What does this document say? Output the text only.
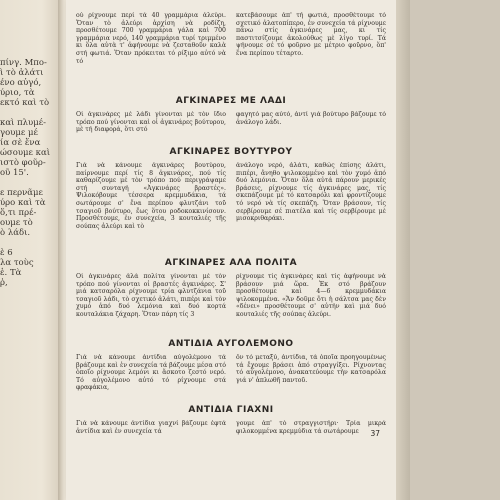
πίνγ. Μπο-
ὶ τὸ ἀλάτι
ένο αὐγό,
ύριο, τὰ
εκτό καὶ τὸ
καὶ πλυμέ-
γουμε μέ
ία σὲ ἕνα
ώσουμε καὶ
ιστὸ φοῦρ-
οῦ 15'.
ε περνᾶμε
ύρο καὶ τὰ
ὅ,τι πρέ-
ουμε τὸ
ὸ λάδι.
ὲ 6
λα τοὺς
ἑ. Τὰ
ῥ,

ού ρίχνουμε περί τά 40 γραμμάρια ἀλεύρι. Ὅταν τὸ ἀλεύρι ἀρχίση νὰ ροδίζη, προσθέτουμε 700 γραμμάρια γάλα καὶ 700 γραμμάρια νερό, 140 γραμμάρια τυρί τριμμένο κι ὅλα αὐτὰ τ' ἀφήνουμε νὰ ζεσταθοῦν καλὰ στή φωτιά. Ὅταν πρόκειται τό ρίξιμο αὐτό νὰ τό

κατεβάσουμε ἀπ' τή φωτιά, προσθέτουμε τό σχετικό ἀλατοπίπερο, ἐν συνεχεία τά ρίχνουμε πάνω στίς ἀγκινάρες μας, κι τίς παστιτσίζουμε ἀκολούθως μὲ λίγο τυρί. Τά ψήνουμε σέ τό φοῦρνο με μέτριο φοῦρνο, ὅπ' ἕνα περίπου τέταρτο.

ΑΓΚΙΝΑΡΕΣ ΜΕ ΛΑΔΙ

Οἱ ἀγκινάρες μὲ λάδι γίνονται μέ τὸν ἴδιο τρόπο πού γίνονται καὶ οἱ ἀγκινάρες βούτυρου, μὲ τή διαφορά, ὅτι στό

φαγητό μας αὐτό, ἀντί γιά βούτυρο βάζουμε τό ἀνάλογο λάδι.

ΑΓΚΙΝΑΡΕΣ ΒΟΥΤΥΡΟΥ

Γιά νὰ κάνουμε ἀγκινάρες βουτύρου, παίρνουμε περί τίς 8 ἀγκινάρες, πού τίς καθαρίζουμε μέ τὸν τρόπο πού περιγράψαμε στή συνταγή «Ἀγκινάρες βραστές». Ψιλοκόβουμε τέσσερα κρεμμυδάκια, τά σωτάρουμε σ' ἕνα περίπου φλυτζάνι τοῦ τσαγιοῦ βούτυρο, ἕως ὅτου ροδοκοκκινίσουν. Προσθέτουμε, ἐν συνεχεία, 3 κουταλιές τῆς σούπας ἀλεύρι καὶ τὸ

ἀνάλογο νερό, ἀλάτι, καθώς ἐπίσης ἀλάτι, πιπέρι, ἄνηθο ψιλοκομμένο καὶ τὸν χυμό ἀπό δυό λεμόνια. Ὅταν ὅλα αὐτά πάρουν μερικές βράσεις, ρίχνουμε τίς ἀγκινάρες μας, τίς σκεπάζουμε μέ τό κατσαρόλι καὶ φροντίζουμε τό νερό νὰ τίς σκεπάζη. Ὅταν βράσουν, τίς σερβίρουμε σέ πιατέλα καὶ τίς σερβίρουμε μὲ μισοκριθαράκι.

ΑΓΚΙΝΑΡΕΣ ΑΛΑ ΠΟΛΙΤΑ

Οἱ ἀγκινάρες ἀλά πολίτα γίνονται μέ τὸν τρόπο πού γίνονται οἱ βραστές ἀγκινάρες. Σ' μιά κατσαρόλα ρίχνουμε τρία φλυτζάνια τοῦ τσαγιοῦ λάδι, τὸ σχετικό ἀλάτι, πιπέρι καὶ τὸν χυμό ἀπό δυό λεμόνια καὶ δυό κορτά κουταλάκια ζάχαρη. Ὅταν πάρη τίς 3

ρίχνουμε τίς ἀγκινάρες καὶ τίς ἀφήνουμε νὰ βράσουν μιά ὥρα. Ἐκ στό βράζουν προσθέτουμε καὶ 4—6 κρεμμυδάκια ψιλοκομμένα. «Ἄν δοῦμε ὅτι ἡ σάλτσα μας δὲν «δένει» προσθέτουμε σ' αὐτήν καὶ μιά δυό κουταλιές τῆς σούπας ἀλεύρι.

ΑΝΤΙΔΙΑ ΑΥΓΟΛΕΜΟΝΟ

Γιά νὰ κάνουμε ἀντίδια αὐγολέμονο τά βράζουμε καὶ ἐν συνεχεία τά βάζουμε μέσα στό ὁποῖο ρίχνουμε λεμόνι κι ἄσκοτο ζεστό νερό. Τό αὐγολέμονο αὐτό τό ρίχνουμε στά φραφάκια,

ὄν τό μεταξύ, ἀντίδια, τά ὁποῖα προηγουμένως τά ἔχουμε βράσει ἀπό στραγγίξει. Ρίχνοντας τό αὐγολέμονο, ἀνακατεύουμε τήν κατσαρόλα γιά ν' ἁπλωθῆ παντοῦ.

ΑΝΤΙΔΙΑ ΓΙΑΧΝΙ

Γιά νὰ κάνουμε ἀντίδια γιαχνί βάζουμε ἑφτά ἀντίδια καὶ ἐν συνεχεία τά

γουμε ἀπ' τὸ στραγγιστήρι· Τρία μικρά φιλοκομμένα κρεμμύδια τά σωτάρουμε	37
